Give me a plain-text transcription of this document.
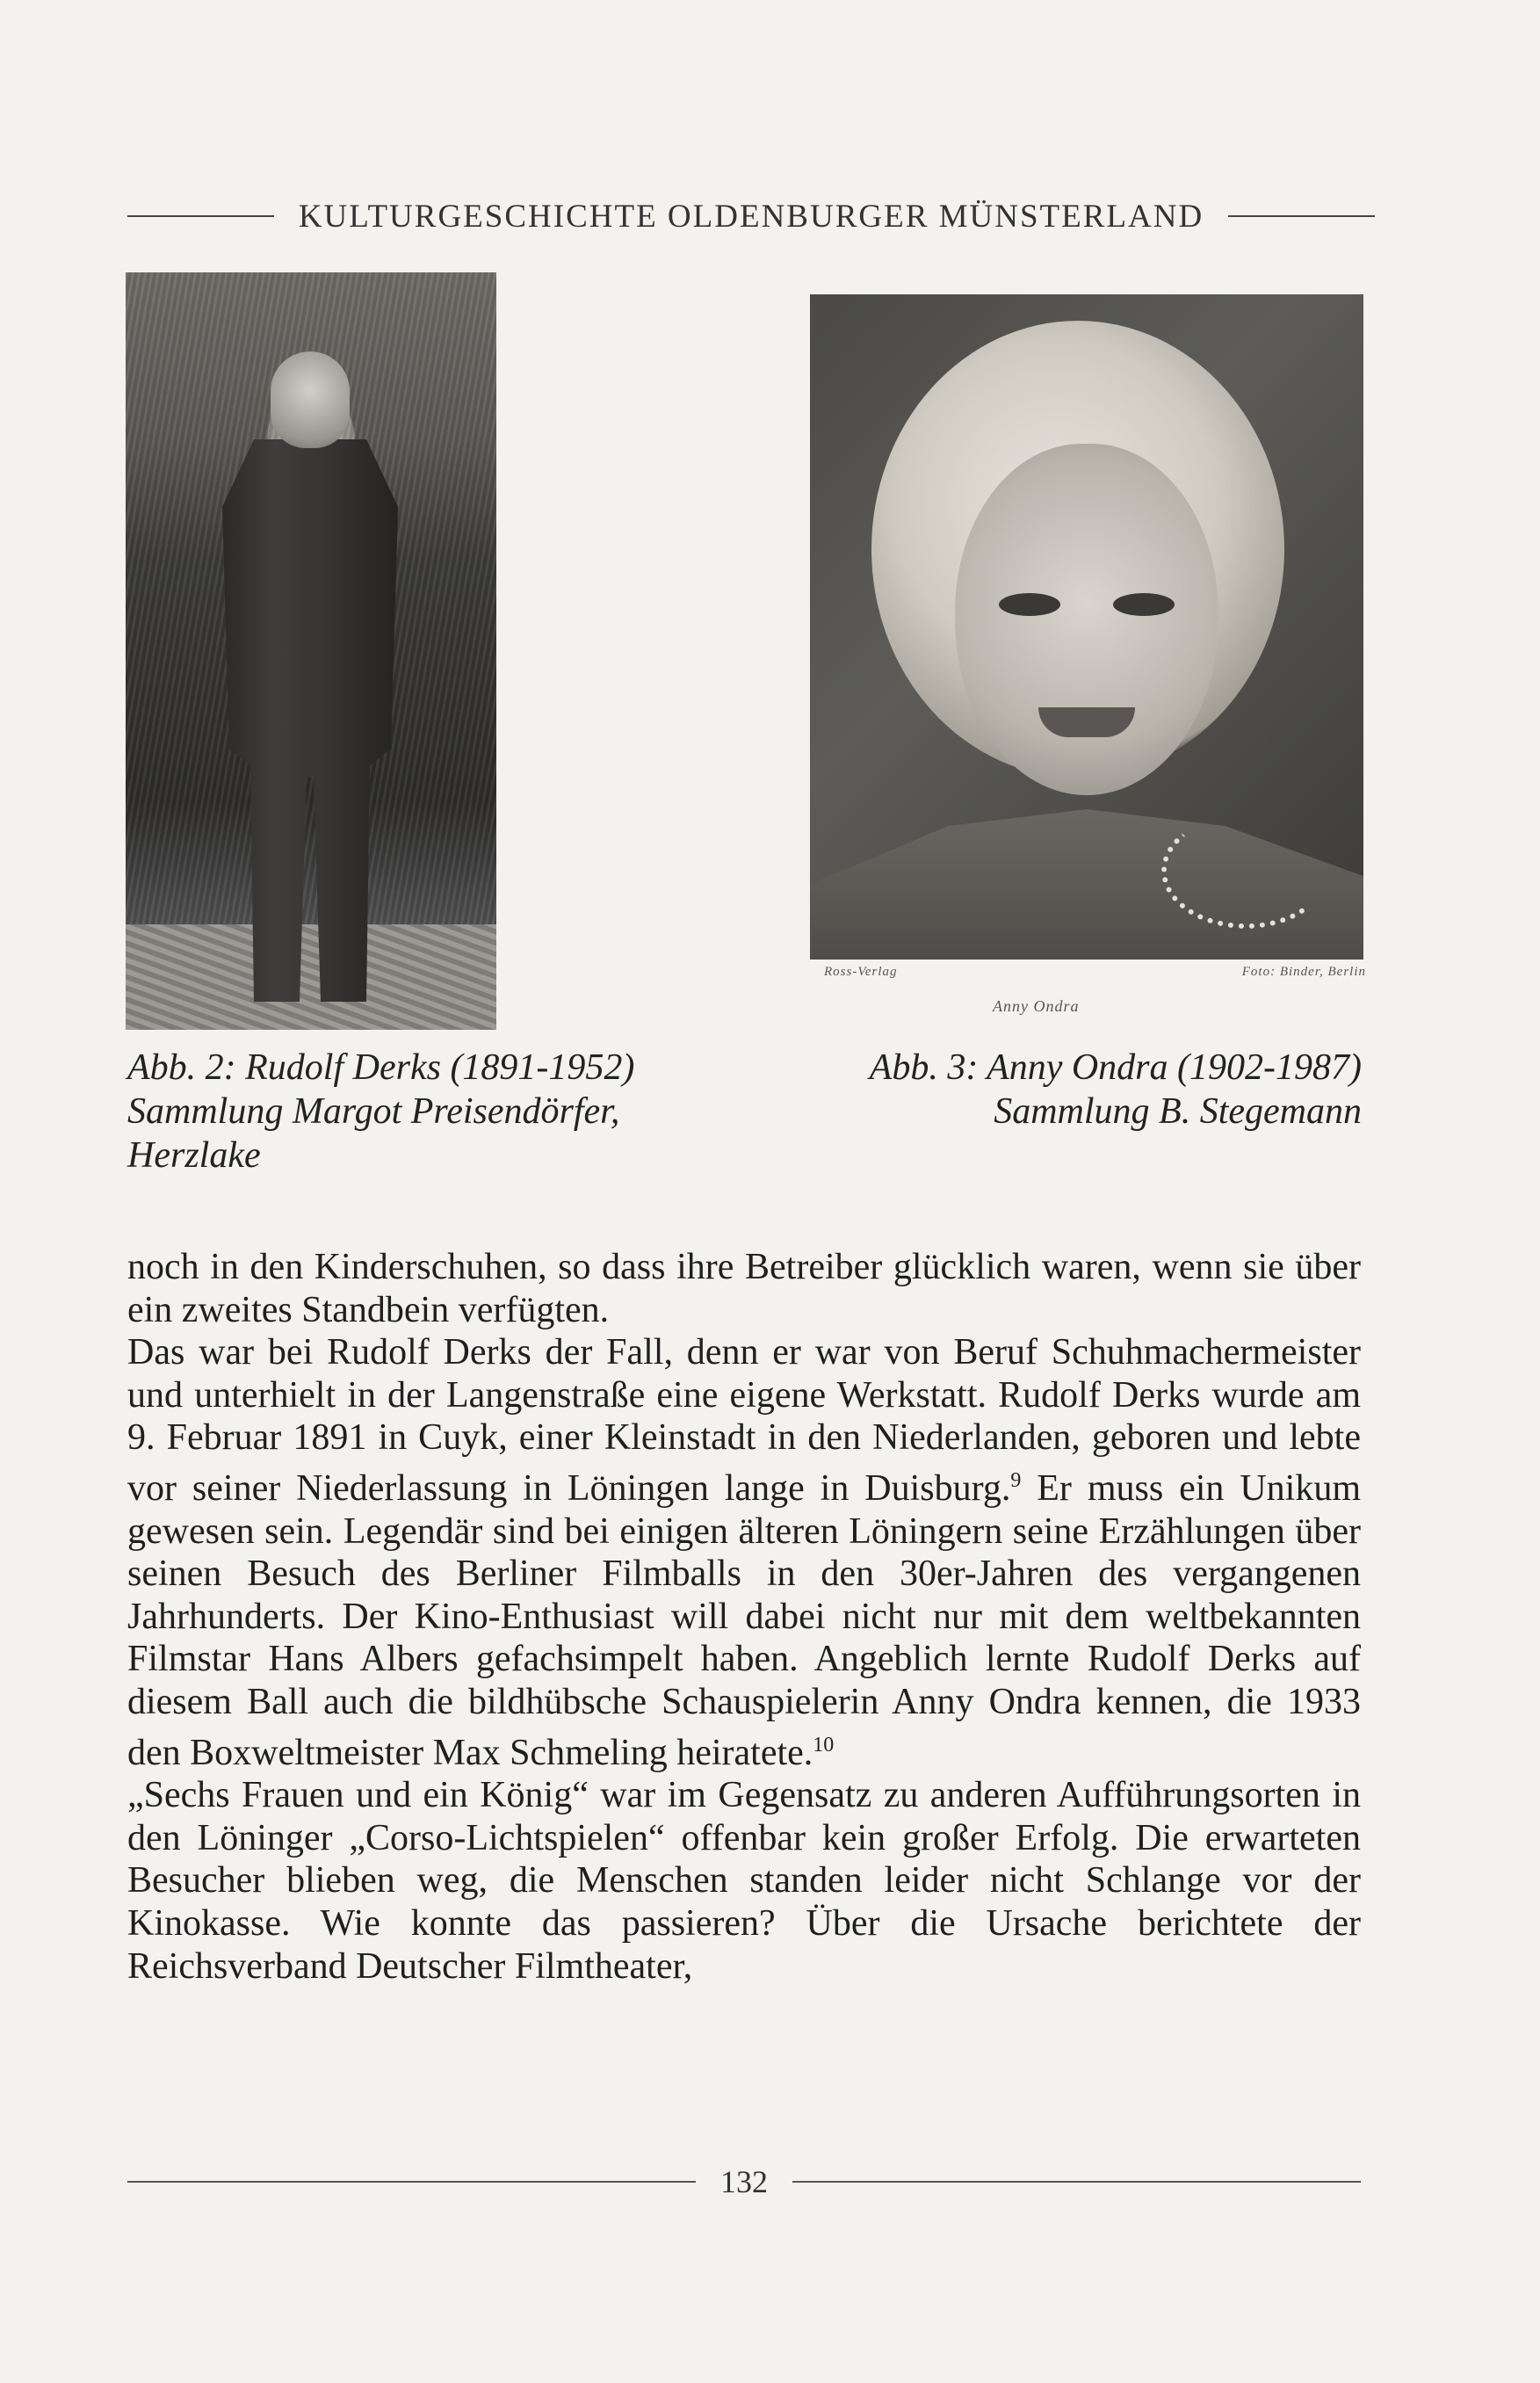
KULTURGESCHICHTE OLDENBURGER MÜNSTERLAND
Ross-Verlag	Foto: Binder, Berlin
Anny Ondra
Abb. 2: Rudolf Derks (1891-1952)
Sammlung Margot Preisendörfer,
Herzlake
Abb. 3: Anny Ondra (1902-1987)
Sammlung B. Stegemann

noch in den Kinderschuhen, so dass ihre Betreiber glücklich waren, wenn sie über ein zweites Standbein verfügten.

Das war bei Rudolf Derks der Fall, denn er war von Beruf Schuhmachermeister und unterhielt in der Langenstraße eine eigene Werkstatt. Rudolf Derks wurde am 9. Februar 1891 in Cuyk, einer Kleinstadt in den Niederlanden, geboren und lebte vor seiner Niederlassung in Löningen lange in Duisburg.$^9$ Er muss ein Unikum gewesen sein. Legendär sind bei einigen älteren Löningern seine Erzählungen über seinen Besuch des Berliner Filmballs in den 30er-Jahren des vergangenen Jahrhunderts. Der Kino-Enthusiast will dabei nicht nur mit dem weltbekannten Filmstar Hans Albers gefachsimpelt haben. Angeblich lernte Rudolf Derks auf diesem Ball auch die bildhübsche Schauspielerin Anny Ondra kennen, die 1933 den Boxweltmeister Max Schmeling heiratete.$^{10}$

„Sechs Frauen und ein König“ war im Gegensatz zu anderen Aufführungsorten in den Löninger „Corso-Lichtspielen“ offenbar kein großer Erfolg. Die erwarteten Besucher blieben weg, die Menschen standen leider nicht Schlange vor der Kinokasse. Wie konnte das passieren? Über die Ursache berichtete der Reichsverband Deutscher Filmtheater,

132
